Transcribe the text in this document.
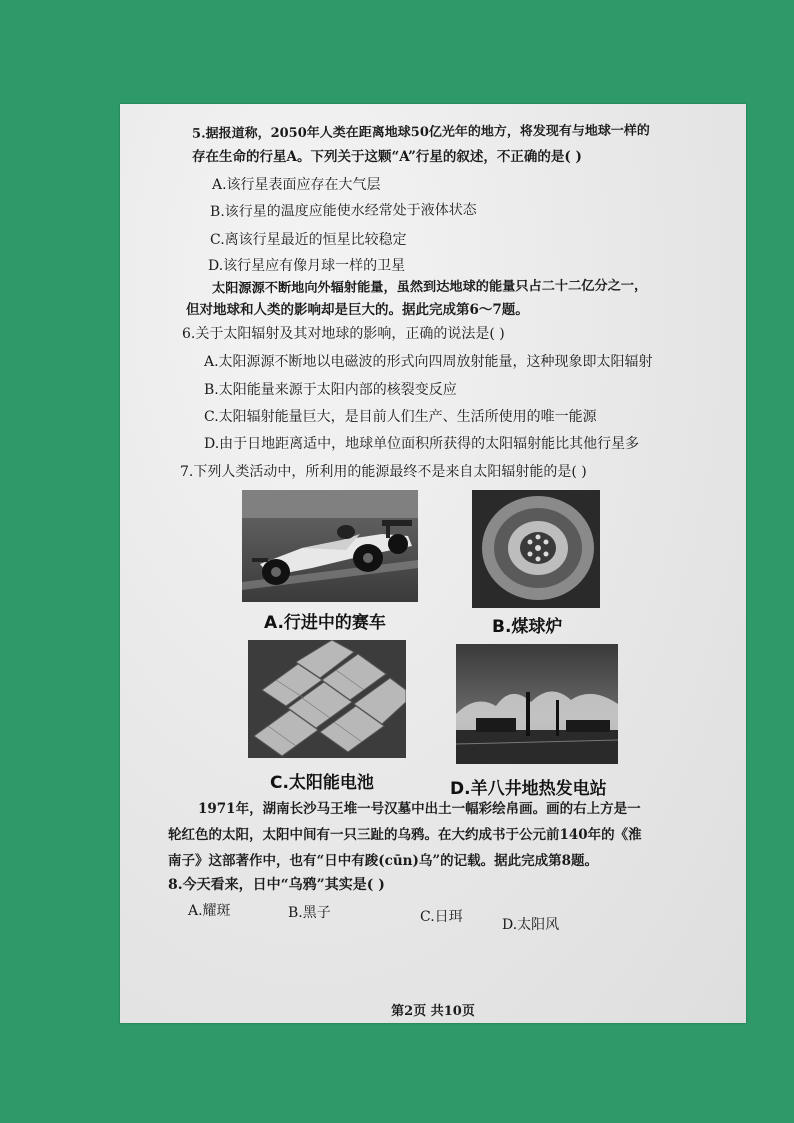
5.据报道称，2050年人类在距离地球50亿光年的地方，将发现有与地球一样的
存在生命的行星A。下列关于这颗“A”行星的叙述，不正确的是( )
A.该行星表面应存在大气层
B.该行星的温度应能使水经常处于液体状态
C.离该行星最近的恒星比较稳定
D.该行星应有像月球一样的卫星
太阳源源不断地向外辐射能量，虽然到达地球的能量只占二十二亿分之一，
但对地球和人类的影响却是巨大的。据此完成第6～7题。
6.关于太阳辐射及其对地球的影响，正确的说法是( )
A.太阳源源不断地以电磁波的形式向四周放射能量，这种现象即太阳辐射
B.太阳能量来源于太阳内部的核裂变反应
C.太阳辐射能量巨大，是目前人们生产、生活所使用的唯一能源
D.由于日地距离适中，地球单位面积所获得的太阳辐射能比其他行星多
7.下列人类活动中，所利用的能源最终不是来自太阳辐射能的是( )
A.行进中的赛车	B.煤球炉
C.太阳能电池	D.羊八井地热发电站
1971年，湖南长沙马王堆一号汉墓中出土一幅彩绘帛画。画的右上方是一
轮红色的太阳，太阳中间有一只三趾的乌鸦。在大约成书于公元前140年的《淮
南子》这部著作中，也有“日中有踆(cūn)乌”的记载。据此完成第8题。
8.今天看来，日中“乌鸦”其实是( )
A.耀斑	B.黑子	C.日珥	D.太阳风
第2页 共10页
